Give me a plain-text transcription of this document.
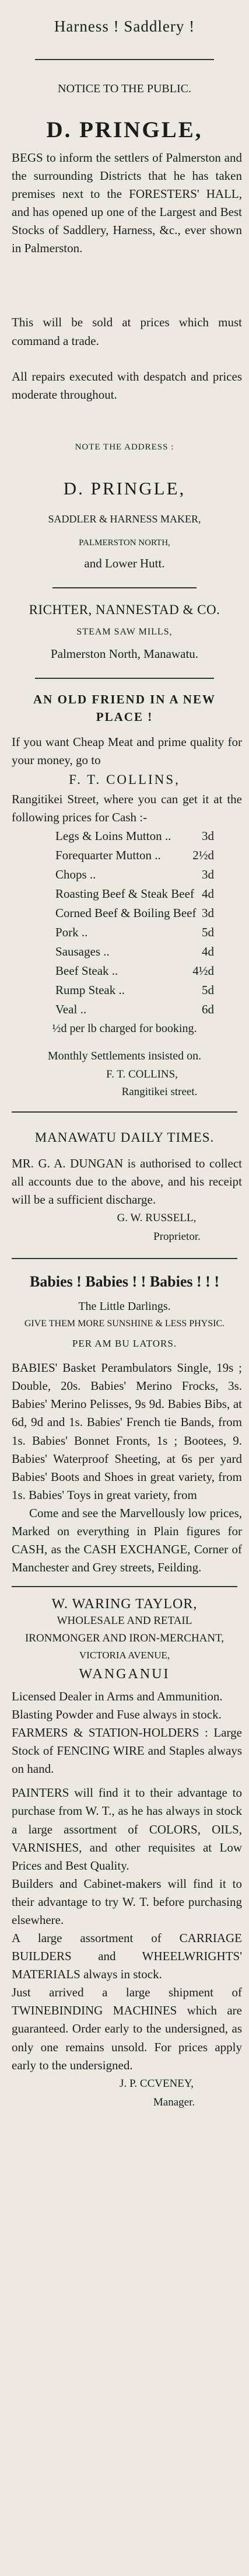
Harness ! Saddlery !
NOTICE TO THE PUBLIC.
D. PRINGLE,

BEGS to inform the settlers of Palmerston and the surrounding Districts that he has taken premises next to the FORESTERS' HALL, and has opened up one of the Largest and Best Stocks of Saddlery, Harness, &c., ever shown in Palmerston.

This will be sold at prices which must command a trade.

All repairs executed with despatch and prices moderate throughout.

NOTE THE ADDRESS :
D. PRINGLE,
SADDLER & HARNESS MAKER,
PALMERSTON NORTH,
and Lower Hutt.
RICHTER, NANNESTAD & CO.
STEAM SAW MILLS,
Palmerston North, Manawatu.
AN OLD FRIEND IN A NEW PLACE !

If you want Cheap Meat and prime quality for your money, go to

F. T. COLLINS,

Rangitikei Street, where you can get it at the following prices for Cash :-

Legs & Loins Mutton ..	3d
Forequarter Mutton ..	2½d
Chops ..	3d
Roasting Beef & Steak Beef 4d
Corned Beef & Boiling Beef 3d
Pork ..	5d
Sausages ..	4d
Beef Steak ..	4½d
Rump Steak ..	5d
Veal ..	6d
½d per lb charged for booking.
Monthly Settlements insisted on.
F. T. COLLINS,
Rangitikei street.
MANAWATU DAILY TIMES.

MR. G. A. DUNGAN is authorised to collect all accounts due to the above, and his receipt will be a sufficient discharge.

G. W. RUSSELL,
Proprietor.
Babies ! Babies ! ! Babies ! ! !
The Little Darlings.
GIVE THEM MORE SUNSHINE & LESS PHYSIC.
PER AM BU LATORS.

BABIES' Basket Perambulators Single, 19s ; Double, 20s. Babies' Merino Frocks, 3s. Babies' Merino Pelisses, 9s 9d. Babies Bibs, at 6d, 9d and 1s. Babies' French tie Bands, from 1s. Babies' Bonnet Fronts, 1s ; Bootees, 9. Babies' Waterproof Sheeting, at 6s per yard Babies' Boots and Shoes in great variety, from 1s. Babies' Toys in great variety, from

Come and see the Marvellously low prices, Marked on everything in Plain figures for CASH, as the CASH EXCHANGE, Corner of Manchester and Grey streets, Feilding.

W. WARING TAYLOR,
WHOLESALE AND RETAIL IRONMONGER AND IRON-MERCHANT,
VICTORIA AVENUE,
WANGANUI

Licensed Dealer in Arms and Ammunition.

Blasting Powder and Fuse always in stock.

FARMERS & STATION-HOLDERS : Large Stock of FENCING WIRE and Staples always on hand.

PAINTERS will find it to their advantage to purchase from W. T., as he has always in stock a large assortment of COLORS, OILS, VARNISHES, and other requisites at Low Prices and Best Quality.

Builders and Cabinet-makers will find it to their advantage to try W. T. before purchasing elsewhere.

A large assortment of CARRIAGE BUILDERS and WHEELWRIGHTS' MATERIALS always in stock.

Just arrived a large shipment of TWINEBINDING MACHINES which are guaranteed. Order early to the undersigned, as only one remains unsold. For prices apply early to the undersigned.

J. P. CCVENEY,
Manager.
